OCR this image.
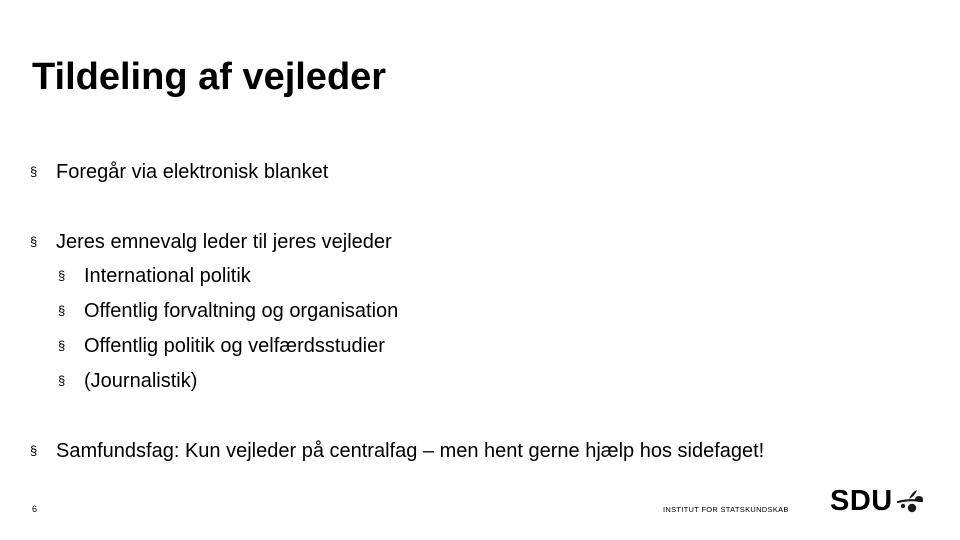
Tildeling af vejleder
§ Foregår via elektronisk blanket
§ Jeres emnevalg leder til jeres vejleder
§ International politik
§ Offentlig forvaltning og organisation
§ Offentlig politik og velfærdsstudier
§ (Journalistik)
§ Samfundsfag: Kun vejleder på centralfag – men hent gerne hjælp hos sidefaget!
6	INSTITUT FOR STATSKUNDSKAB SDU
